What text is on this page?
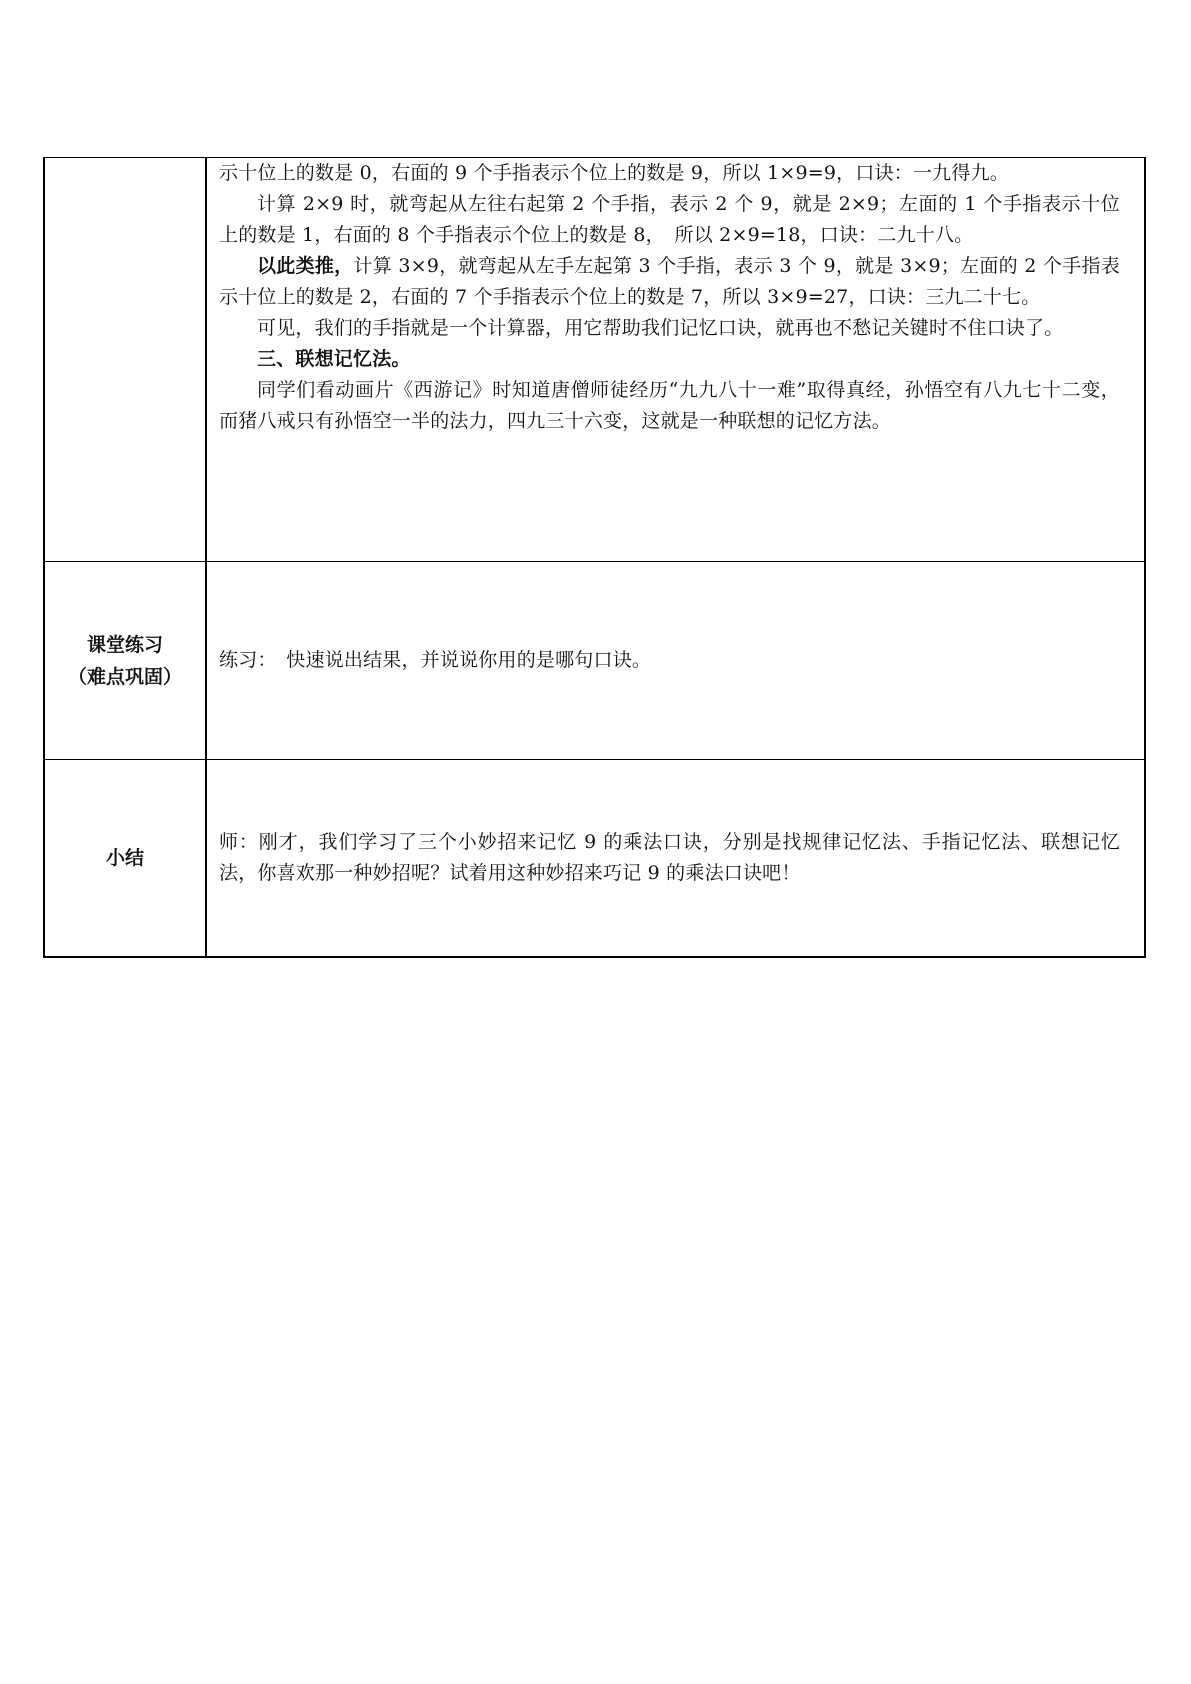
示十位上的数是 0，右面的 9 个手指表示个位上的数是 9，所以 1×9=9，口诀：一九得九。

计算 2×9 时，就弯起从左往右起第 2 个手指，表示 2 个 9，就是 2×9；左面的 1 个手指表示十位上的数是 1，右面的 8 个手指表示个位上的数是 8，　所以 2×9=18，口诀：二九十八。

以此类推，计算 3×9，就弯起从左手左起第 3 个手指，表示 3 个 9，就是 3×9；左面的 2 个手指表示十位上的数是 2，右面的 7 个手指表示个位上的数是 7，所以 3×9=27，口诀：三九二十七。

可见，我们的手指就是一个计算器，用它帮助我们记忆口诀，就再也不愁记关键时不住口诀了。

三、联想记忆法。

同学们看动画片《西游记》时知道唐僧师徒经历“九九八十一难”取得真经，孙悟空有八九七十二变，而猪八戒只有孙悟空一半的法力，四九三十六变，这就是一种联想的记忆方法。

课堂练习
（难点巩固）

练习：　快速说出结果，并说说你用的是哪句口诀。

小结

师：刚才，我们学习了三个小妙招来记忆 9 的乘法口诀，分别是找规律记忆法、手指记忆法、联想记忆法，你喜欢那一种妙招呢？试着用这种妙招来巧记 9 的乘法口诀吧！
